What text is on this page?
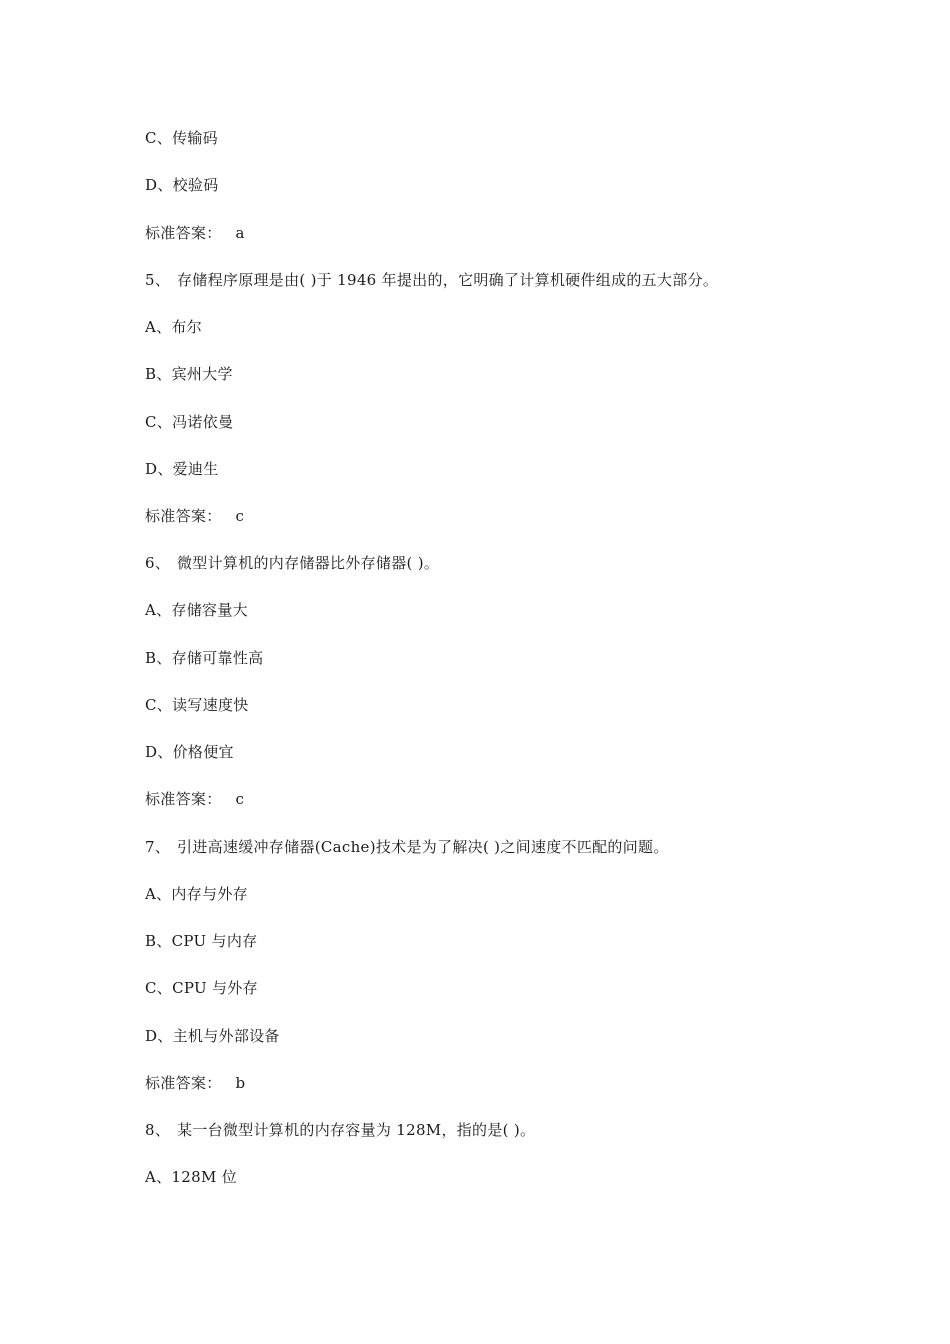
C、传输码
D、校验码
标准答案： a
5、 存储程序原理是由( )于 1946 年提出的，它明确了计算机硬件组成的五大部分。
A、布尔
B、宾州大学
C、冯诺依曼
D、爱迪生
标准答案： c
6、 微型计算机的内存储器比外存储器( )。
A、存储容量大
B、存储可靠性高
C、读写速度快
D、价格便宜
标准答案： c
7、 引进高速缓冲存储器(Cache)技术是为了解决( )之间速度不匹配的问题。
A、内存与外存
B、CPU 与内存
C、CPU 与外存
D、主机与外部设备
标准答案： b
8、 某一台微型计算机的内存容量为 128M，指的是( )。
A、128M 位
